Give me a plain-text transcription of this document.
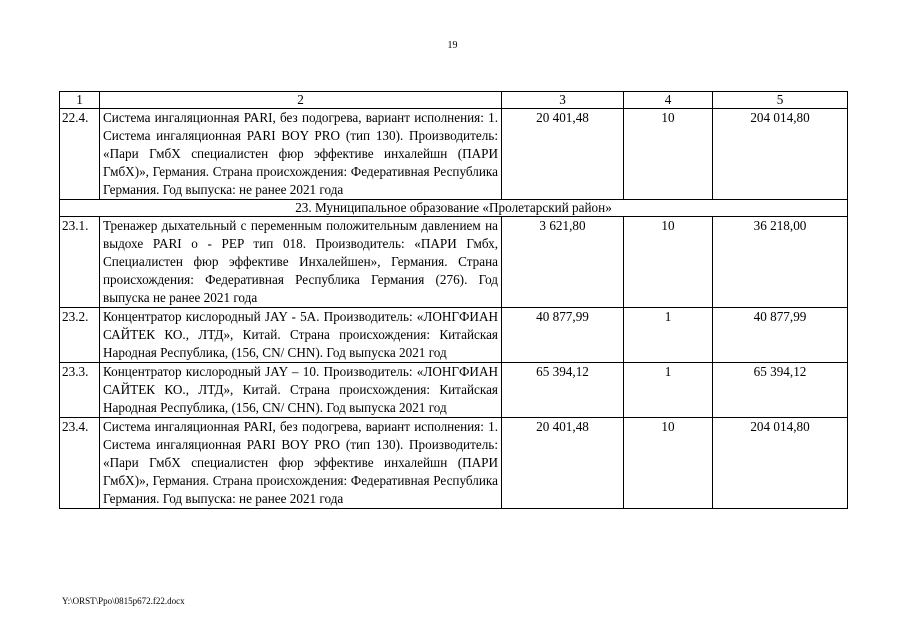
19
1	2	3	4	5
22.4.	Система ингаляционная PARI, без подогрева, вариант исполнения: 1. Система ингаляционная PARI BOY PRO (тип 130). Производитель: «Пари ГмбХ специалистен фюр эффективе инхалейшн (ПАРИ ГмбХ)», Германия. Страна происхождения: Федеративная Республика Германия. Год выпуска: не ранее 2021 года	20 401,48	10	204 014,80
23. Муниципальное образование «Пролетарский район»				
23.1.	Тренажер дыхательный с переменным положительным давлением на выдохе PARI o - PEP тип 018. Производитель: «ПАРИ Гмбх, Специалистен фюр эффективе Инхалейшен», Германия. Страна происхождения: Федеративная Республика Германия (276). Год выпуска не ранее 2021 года	3 621,80	10	36 218,00
23.2.	Концентратор кислородный JAY - 5A. Производитель: «ЛОНГФИАН САЙТЕК КО., ЛТД», Китай. Страна происхождения: Китайская Народная Республика, (156, CN/ CHN). Год выпуска 2021 год	40 877,99	1	40 877,99
23.3.	Концентратор кислородный JAY – 10. Производитель: «ЛОНГФИАН САЙТЕК КО., ЛТД», Китай. Страна происхождения: Китайская Народная Республика, (156, CN/ CHN). Год выпуска 2021 год	65 394,12	1	65 394,12
23.4.	Система ингаляционная PARI, без подогрева, вариант исполнения: 1. Система ингаляционная PARI BOY PRO (тип 130). Производитель: «Пари ГмбХ специалистен фюр эффективе инхалейшн (ПАРИ ГмбХ)», Германия. Страна происхождения: Федеративная Республика Германия. Год выпуска: не ранее 2021 года	20 401,48	10	204 014,80
Y:\ORST\Ppo\0815p672.f22.docx
